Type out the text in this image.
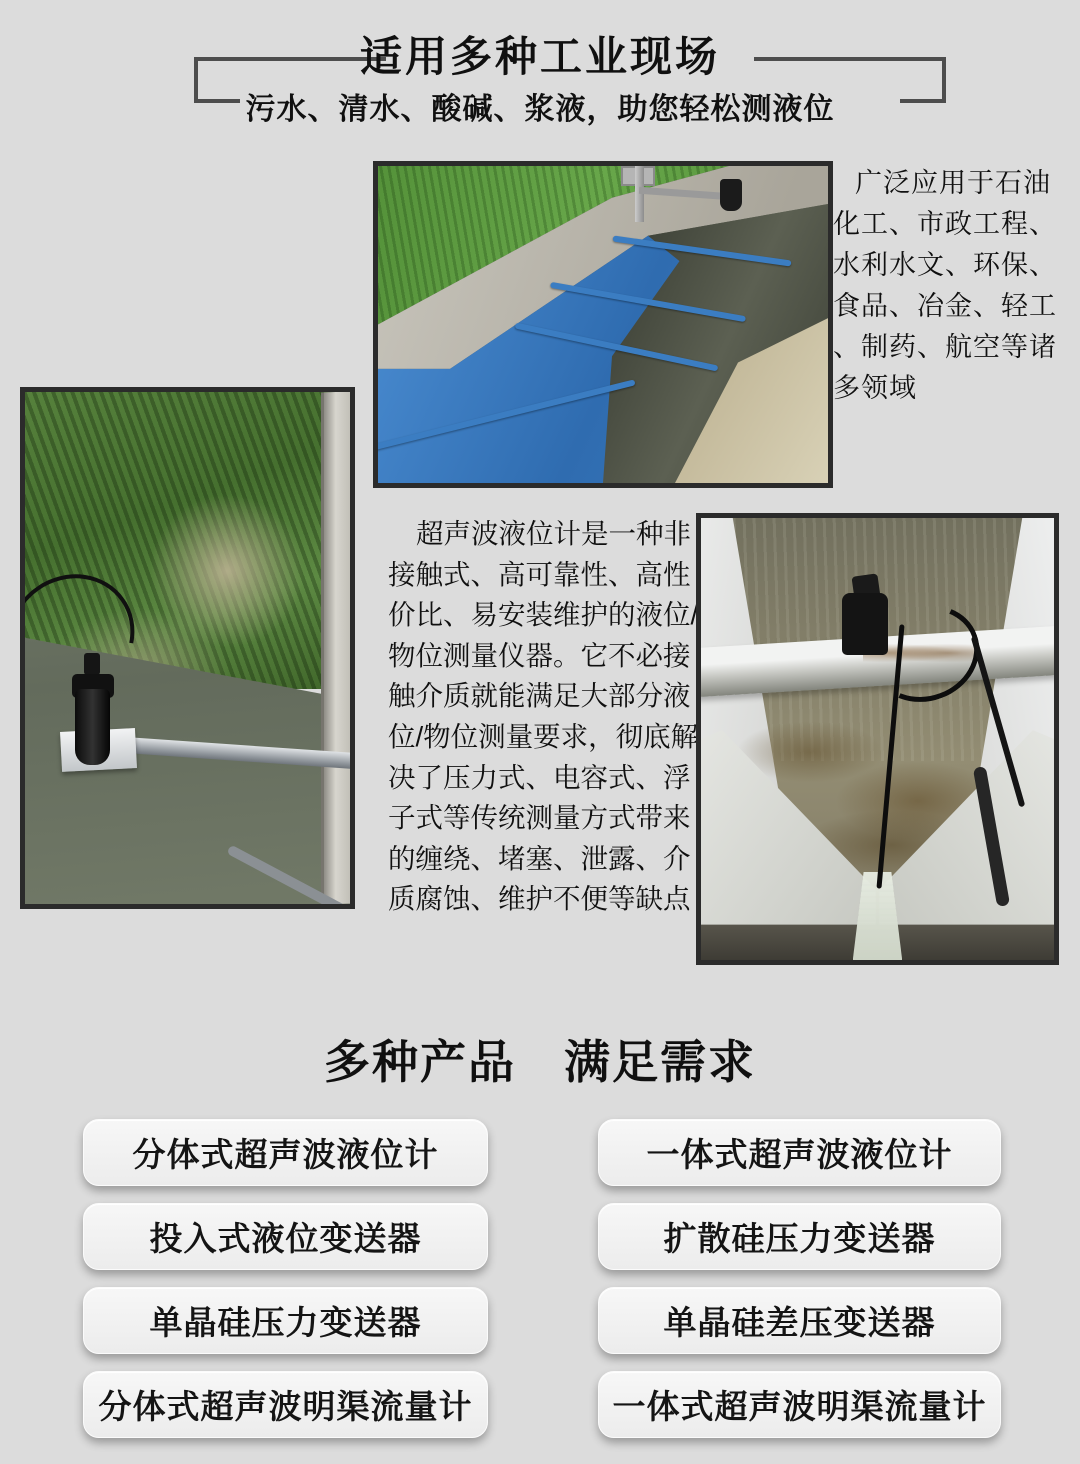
适用多种工业现场
污水、清水、酸碱、浆液，助您轻松测液位

广泛应用于石油化工、市政工程、水利水文、环保、食品、冶金、轻工、制药、航空等诸多领域

超声波液位计是一种非接触式、高可靠性、高性价比、易安装维护的液位/物位测量仪器。它不必接触介质就能满足大部分液位/物位测量要求，彻底解决了压力式、电容式、浮子式等传统测量方式带来的缠绕、堵塞、泄露、介质腐蚀、维护不便等缺点

多种产品　满足需求
分体式超声波液位计	一体式超声波液位计
投入式液位变送器	扩散硅压力变送器
单晶硅压力变送器	单晶硅差压变送器
分体式超声波明渠流量计	一体式超声波明渠流量计
